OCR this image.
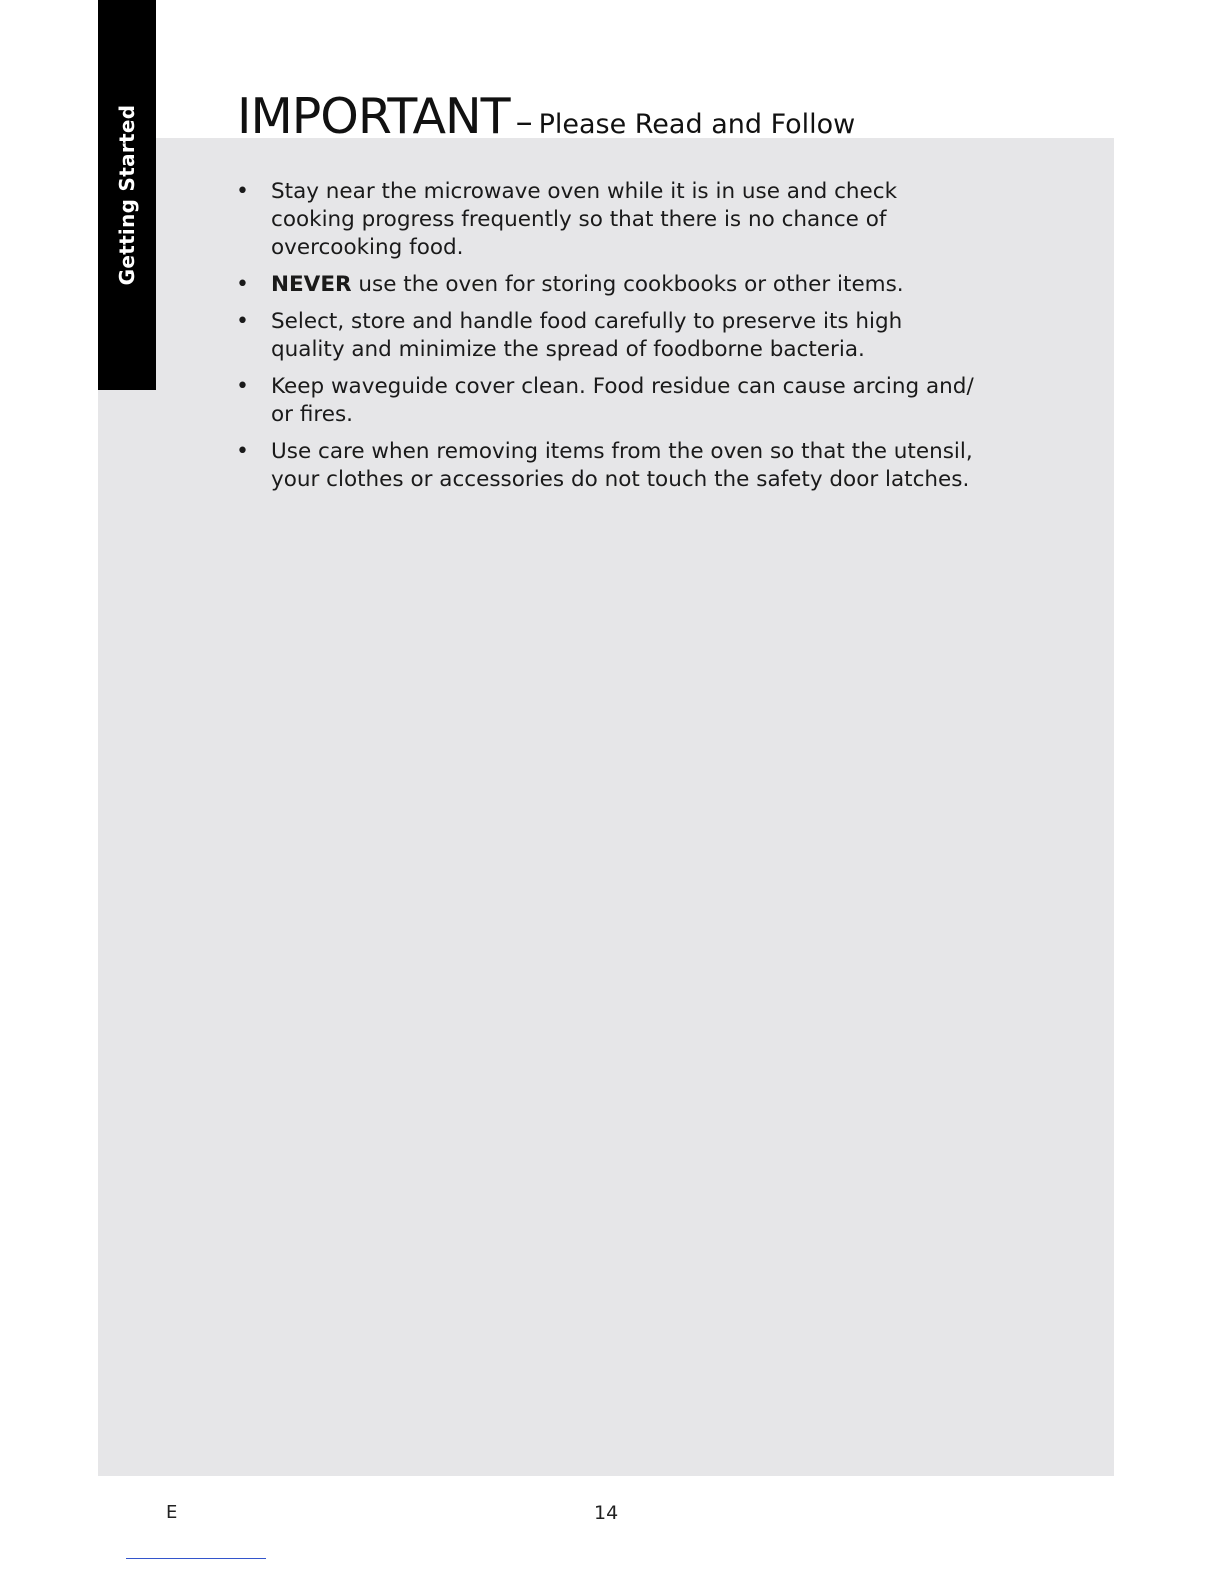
Getting Started IMPORTANT – Please Read and Follow
• Stay near the microwave oven while it is in use and check cooking progress frequently so that there is no chance of overcooking food.
• NEVER use the oven for storing cookbooks or other items.
• Select, store and handle food carefully to preserve its high quality and minimize the spread of foodborne bacteria.
• Keep waveguide cover clean. Food residue can cause arcing and/ or fires.
• Use care when removing items from the oven so that the utensil, your clothes or accessories do not touch the safety door latches.
E	14
